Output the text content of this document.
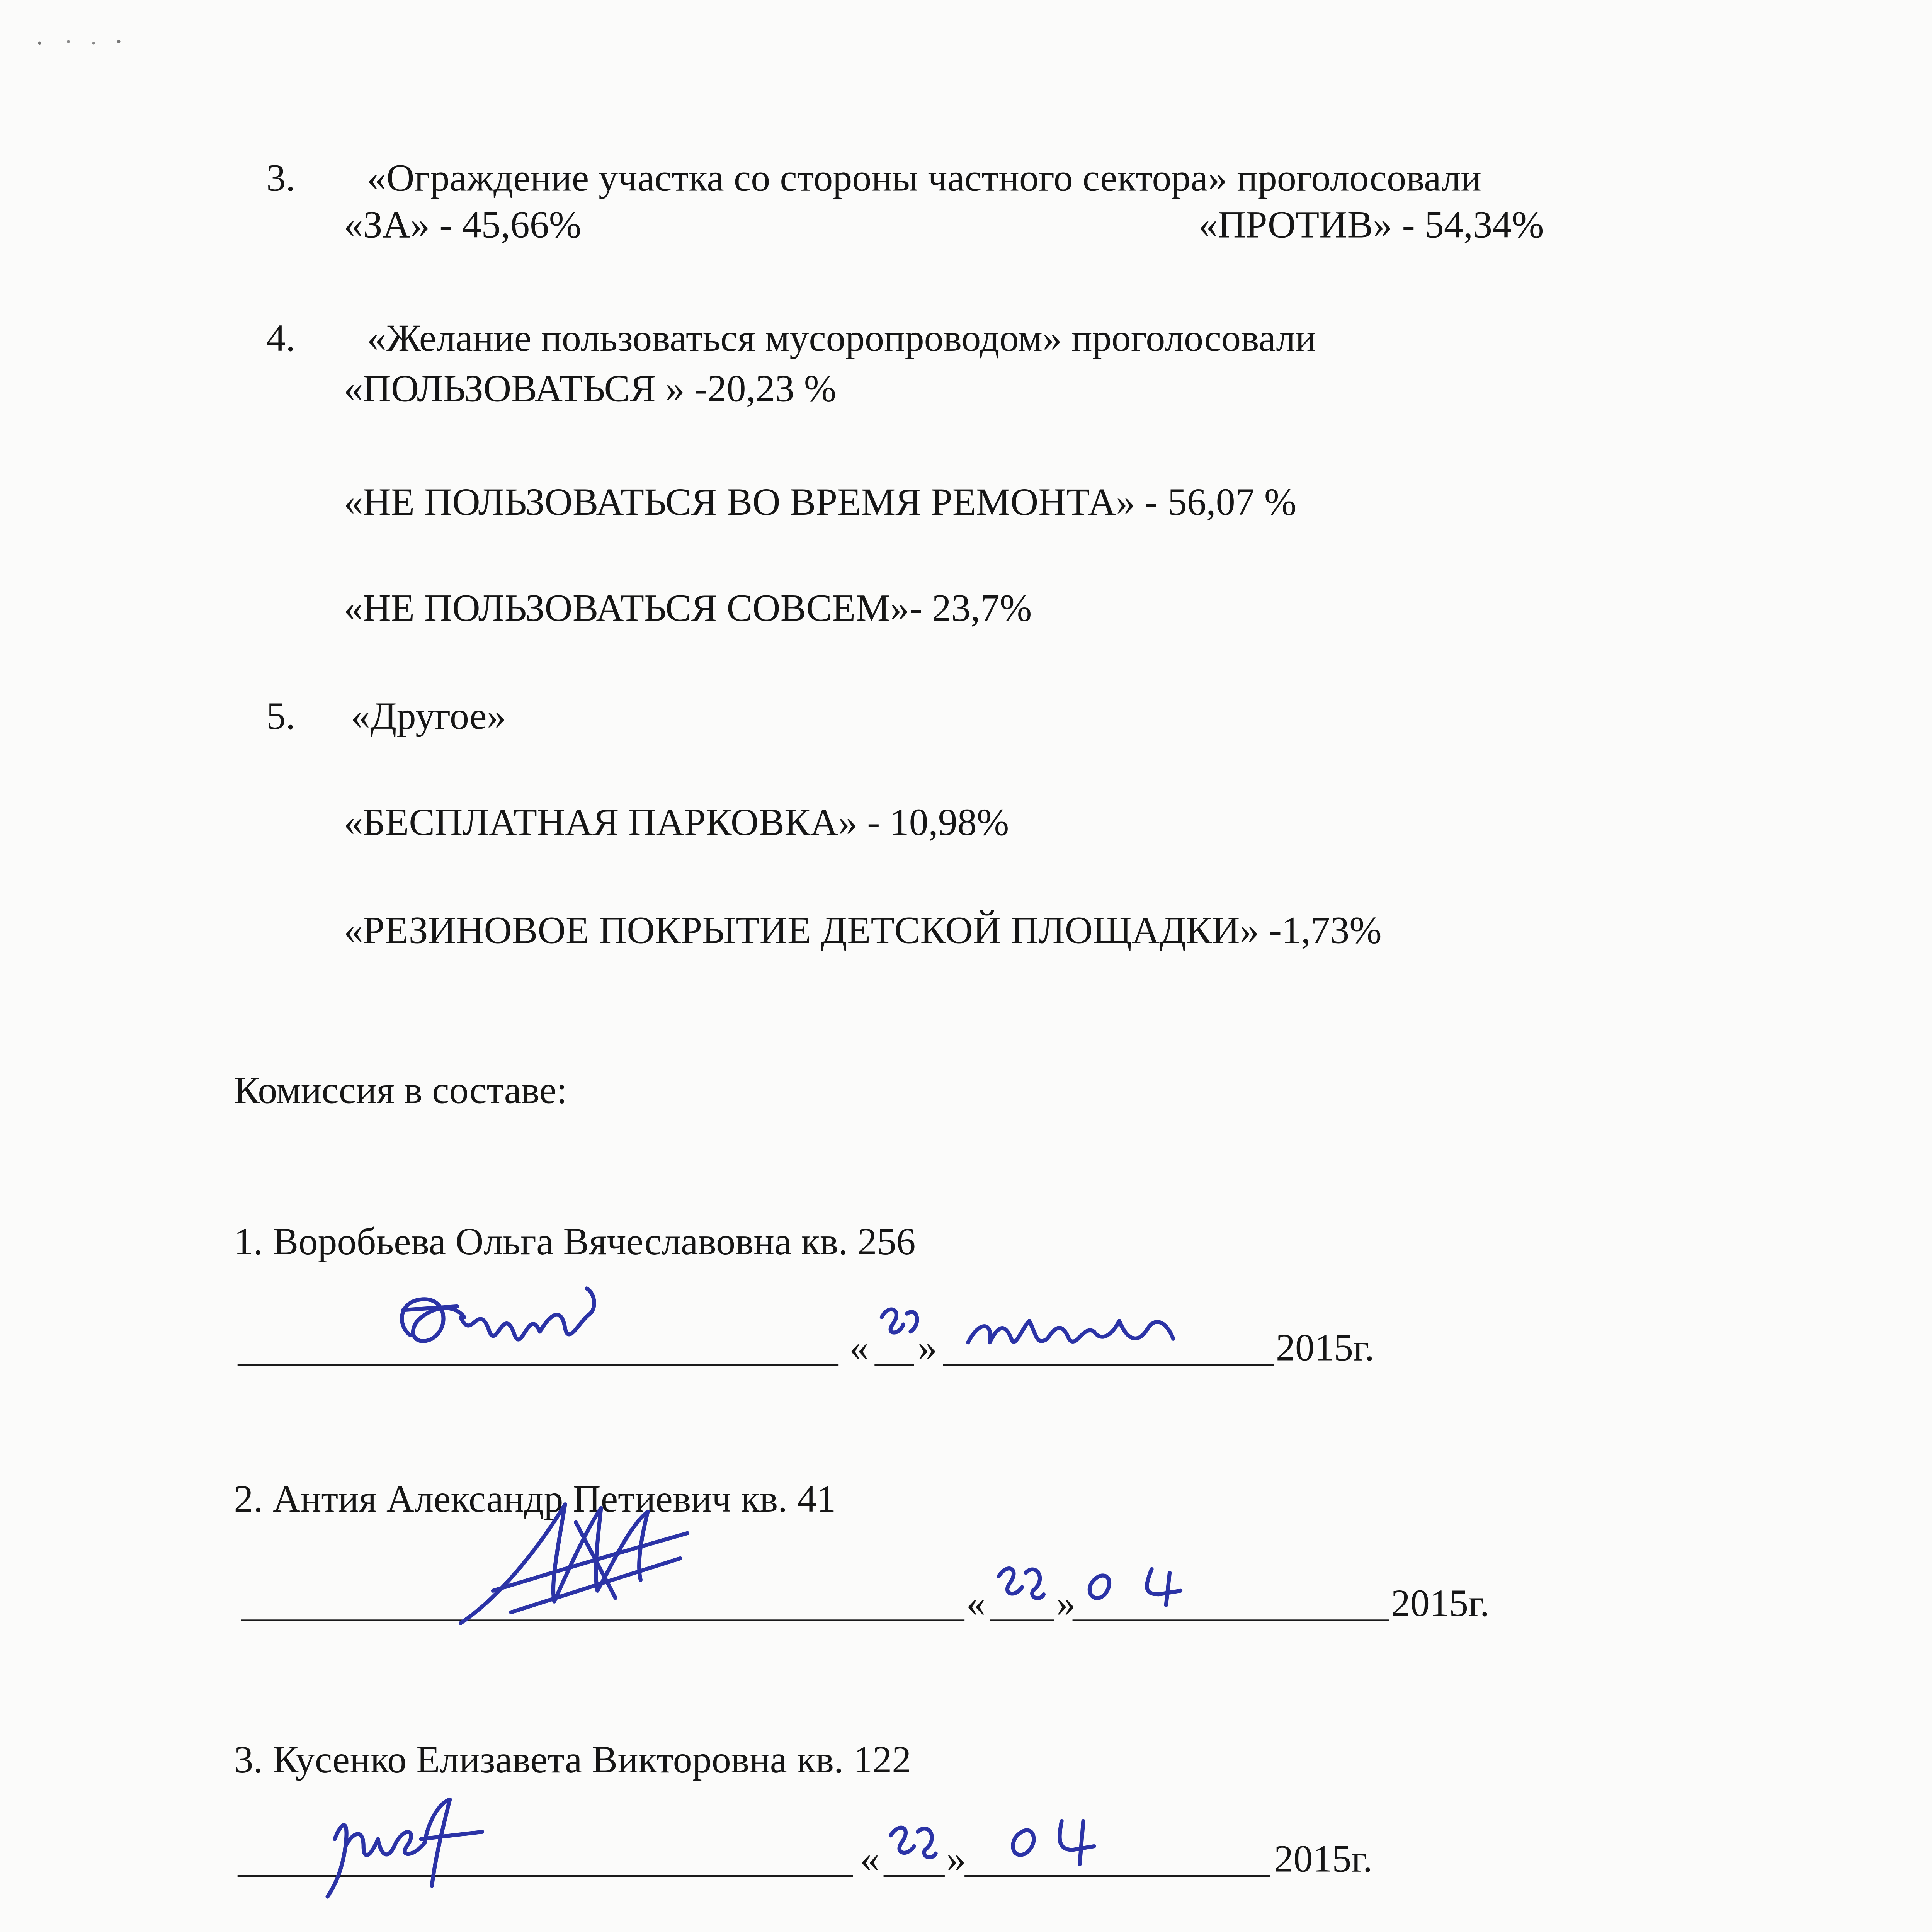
3.	«Ограждение участка со стороны частного сектора» проголосовали
«ЗА» - 45,66%	«ПРОТИВ» - 54,34%
4.	«Желание пользоваться мусоропроводом» проголосовали
«ПОЛЬЗОВАТЬСЯ » -20,23 %
«НЕ ПОЛЬЗОВАТЬСЯ ВО ВРЕМЯ РЕМОНТА» - 56,07 %
«НЕ ПОЛЬЗОВАТЬСЯ СОВСЕМ»- 23,7%
5.	«Другое»
«БЕСПЛАТНАЯ ПАРКОВКА» - 10,98%
«РЕЗИНОВОЕ ПОКРЫТИЕ ДЕТСКОЙ ПЛОЩАДКИ» -1,73%
Комиссия в составе:
1. Воробьева Ольга Вячеславовна кв. 256
«	»	2015г.
2. Антия Александр Петиевич кв. 41
«	»	2015г.
3. Кусенко Елизавета Викторовна кв. 122
«	»	2015г.
